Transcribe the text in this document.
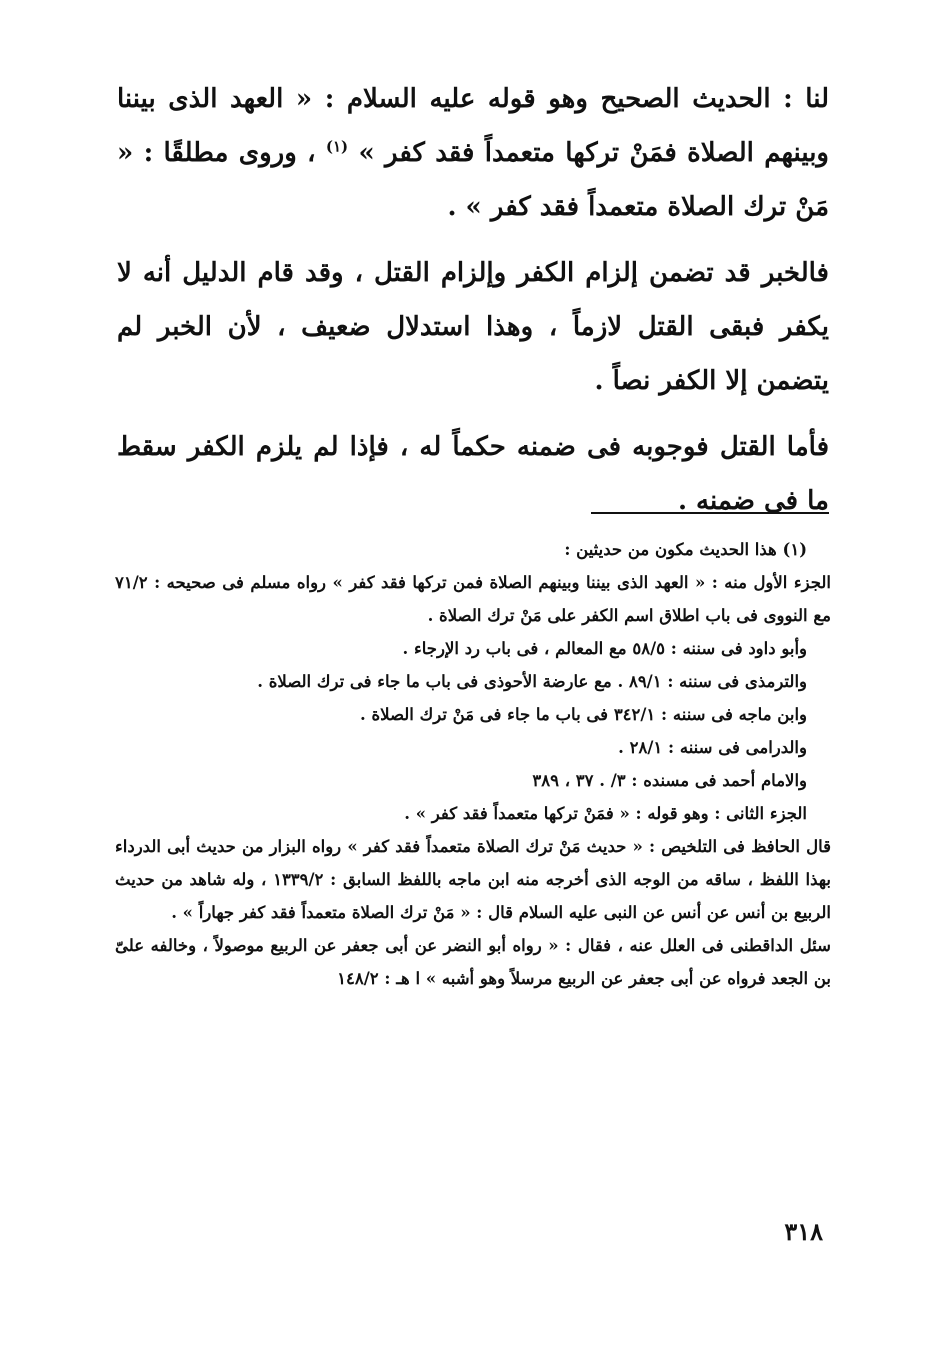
لنا : الحديث الصحيح وهو قوله عليه السلام : « العهد الذى بيننا وبينهم الصلاة فمَنْ تركها متعمداً فقد كفر » $^{(١)}$ ، وروى مطلقًا : « مَنْ ترك الصلاة متعمداً فقد كفر » .

فالخبر قد تضمن إلزام الكفر وإلزام القتل ، وقد قام الدليل أنه لا يكفر فبقى القتل لازماً ، وهذا استدلال ضعيف ، لأن الخبر لم يتضمن إلا الكفر نصاً .

فأما القتل فوجوبه فى ضمنه حكماً له ، فإذا لم يلزم الكفر سقط ما فى ضمنه .

(١) هذا الحديث مكون من حديثين :

الجزء الأول منه : « العهد الذى بيننا وبينهم الصلاة فمن تركها فقد كفر » رواه مسلم فى صحيحه : ٧١/٢ مع النووى فى باب اطلاق اسم الكفر على مَنْ ترك الصلاة .

وأبو داود فى سننه : ٥٨/٥ مع المعالم ، فى باب رد الإرجاء .

والترمذى فى سننه : ٨٩/١ . مع عارضة الأحوذى فى باب ما جاء فى ترك الصلاة .

وابن ماجه فى سننه : ٣٤٢/١ فى باب ما جاء فى مَنْ ترك الصلاة .

والدرامى فى سننه : ٢٨/١ .

والامام أحمد فى مسنده : ٣/ . ٣٧ ، ٣٨٩

الجزء الثانى : وهو قوله : « فمَنْ تركها متعمداً فقد كفر » .

قال الحافظ فى التلخيص : « حديث مَنْ ترك الصلاة متعمداً فقد كفر » رواه البزار من حديث أبى الدرداء بهذا اللفظ ، ساقه من الوجه الذى أخرجه منه ابن ماجه باللفظ السابق : ١٣٣٩/٢ ، وله شاهد من حديث الربيع بن أنس عن أنس عن النبى عليه السلام قال : « مَنْ ترك الصلاة متعمداً فقد كفر جهاراً » .

سئل الداقطنى فى العلل عنه ، فقال : « رواه أبو النضر عن أبى جعفر عن الربيع موصولاً ، وخالفه علىّ بن الجعد فرواه عن أبى جعفر عن الربيع مرسلاً وهو أشبه » ا هـ : ١٤٨/٢

٣١٨
